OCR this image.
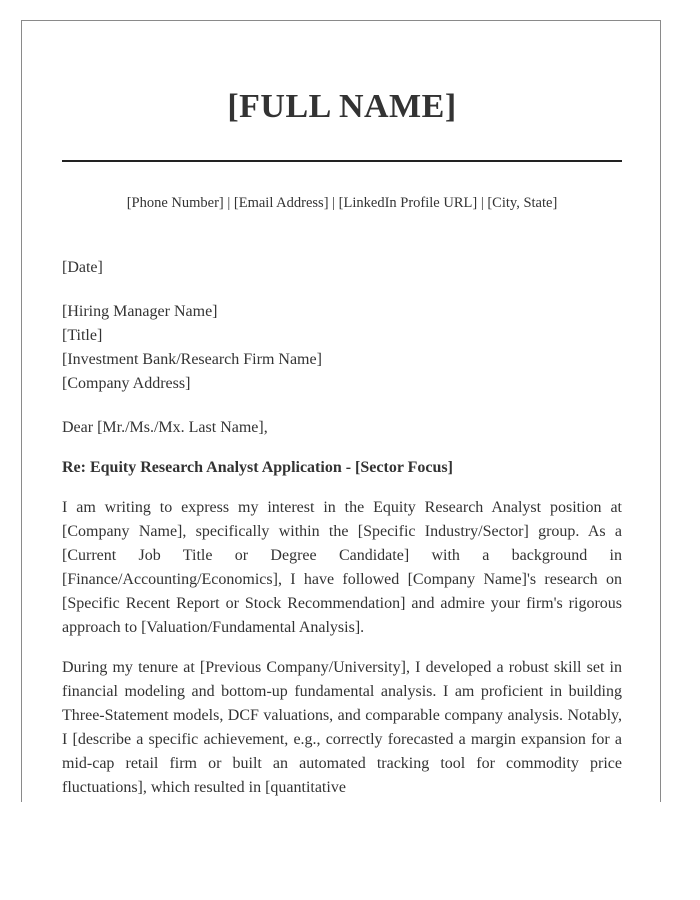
[FULL NAME]
[Phone Number] | [Email Address] | [LinkedIn Profile URL] | [City, State]
[Date]
[Hiring Manager Name]
[Title]
[Investment Bank/Research Firm Name]
[Company Address]
Dear [Mr./Ms./Mx. Last Name],
Re: Equity Research Analyst Application - [Sector Focus]

I am writing to express my interest in the Equity Research Analyst position at [Company Name], specifically within the [Specific Industry/Sector] group. As a [Current Job Title or Degree Candidate] with a background in [Finance/Accounting/Economics], I have followed [Company Name]'s research on [Specific Recent Report or Stock Recommendation] and admire your firm's rigorous approach to [Valuation/Fundamental Analysis].

During my tenure at [Previous Company/University], I developed a robust skill set in financial modeling and bottom-up fundamental analysis. I am proficient in building Three-Statement models, DCF valuations, and comparable company analysis. Notably, I [describe a specific achievement, e.g., correctly forecasted a margin expansion for a mid-cap retail firm or built an automated tracking tool for commodity price fluctuations], which resulted in [quantitative
